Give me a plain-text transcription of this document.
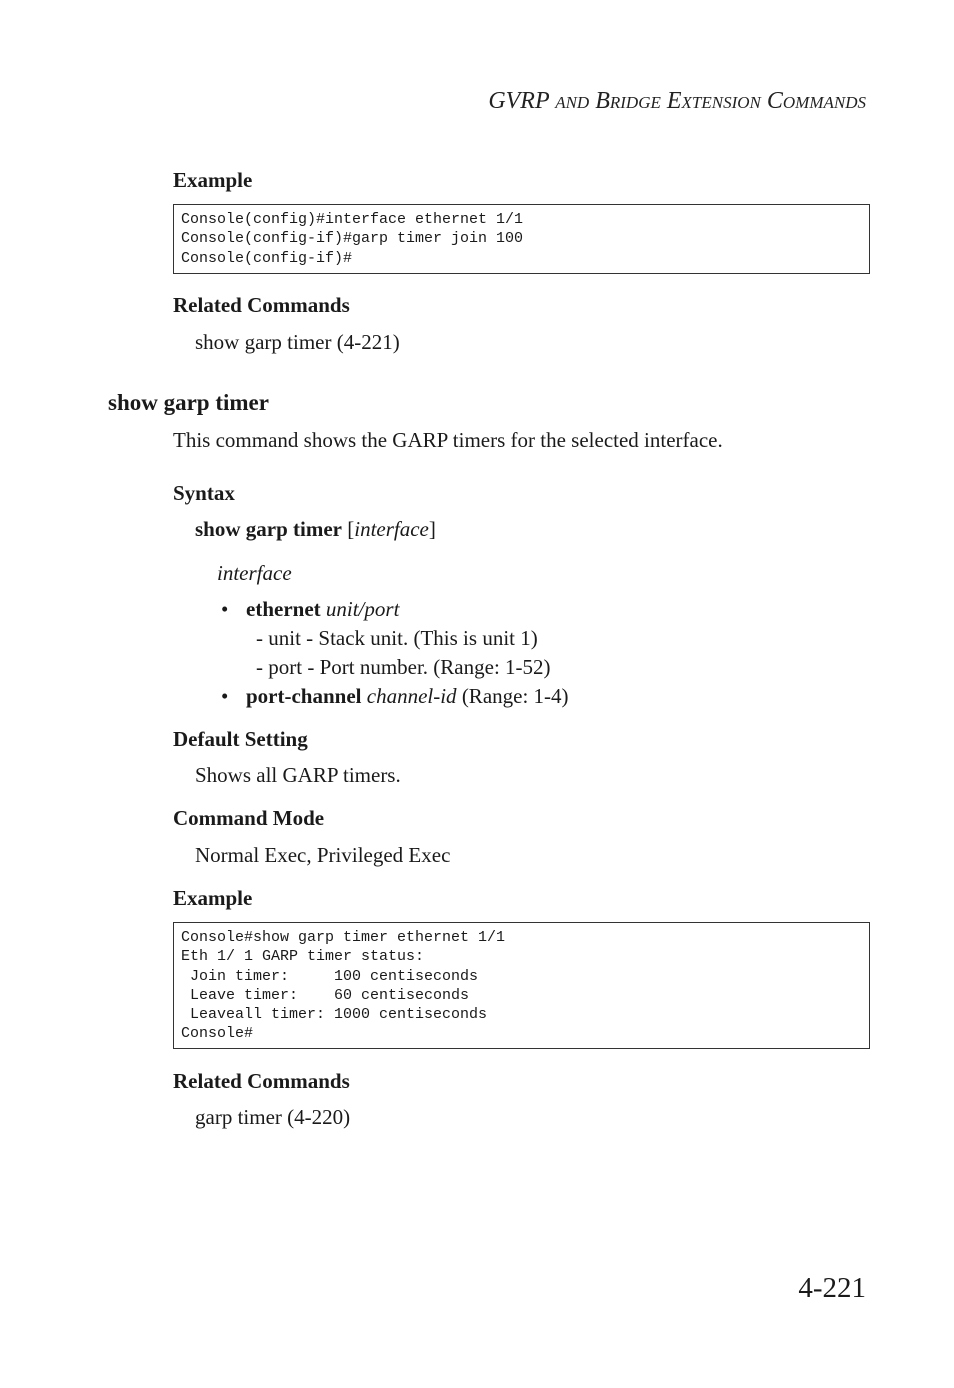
GVRP AND BRIDGE EXTENSION COMMANDS
Example
Console(config)#interface ethernet 1/1
Console(config-if)#garp timer join 100
Console(config-if)#
Related Commands
show garp timer (4-221)
show garp timer
This command shows the GARP timers for the selected interface.
Syntax
show garp timer [interface]
interface
• ethernet unit/port
- unit - Stack unit. (This is unit 1)
- port - Port number. (Range: 1-52)
• port-channel channel-id (Range: 1-4)
Default Setting
Shows all GARP timers.
Command Mode
Normal Exec, Privileged Exec
Example
Console#show garp timer ethernet 1/1
Eth 1/ 1 GARP timer status:
Join timer:     100 centiseconds
Leave timer:    60 centiseconds
Leaveall timer: 1000 centiseconds
Console#
Related Commands
garp timer (4-220)
4-221
